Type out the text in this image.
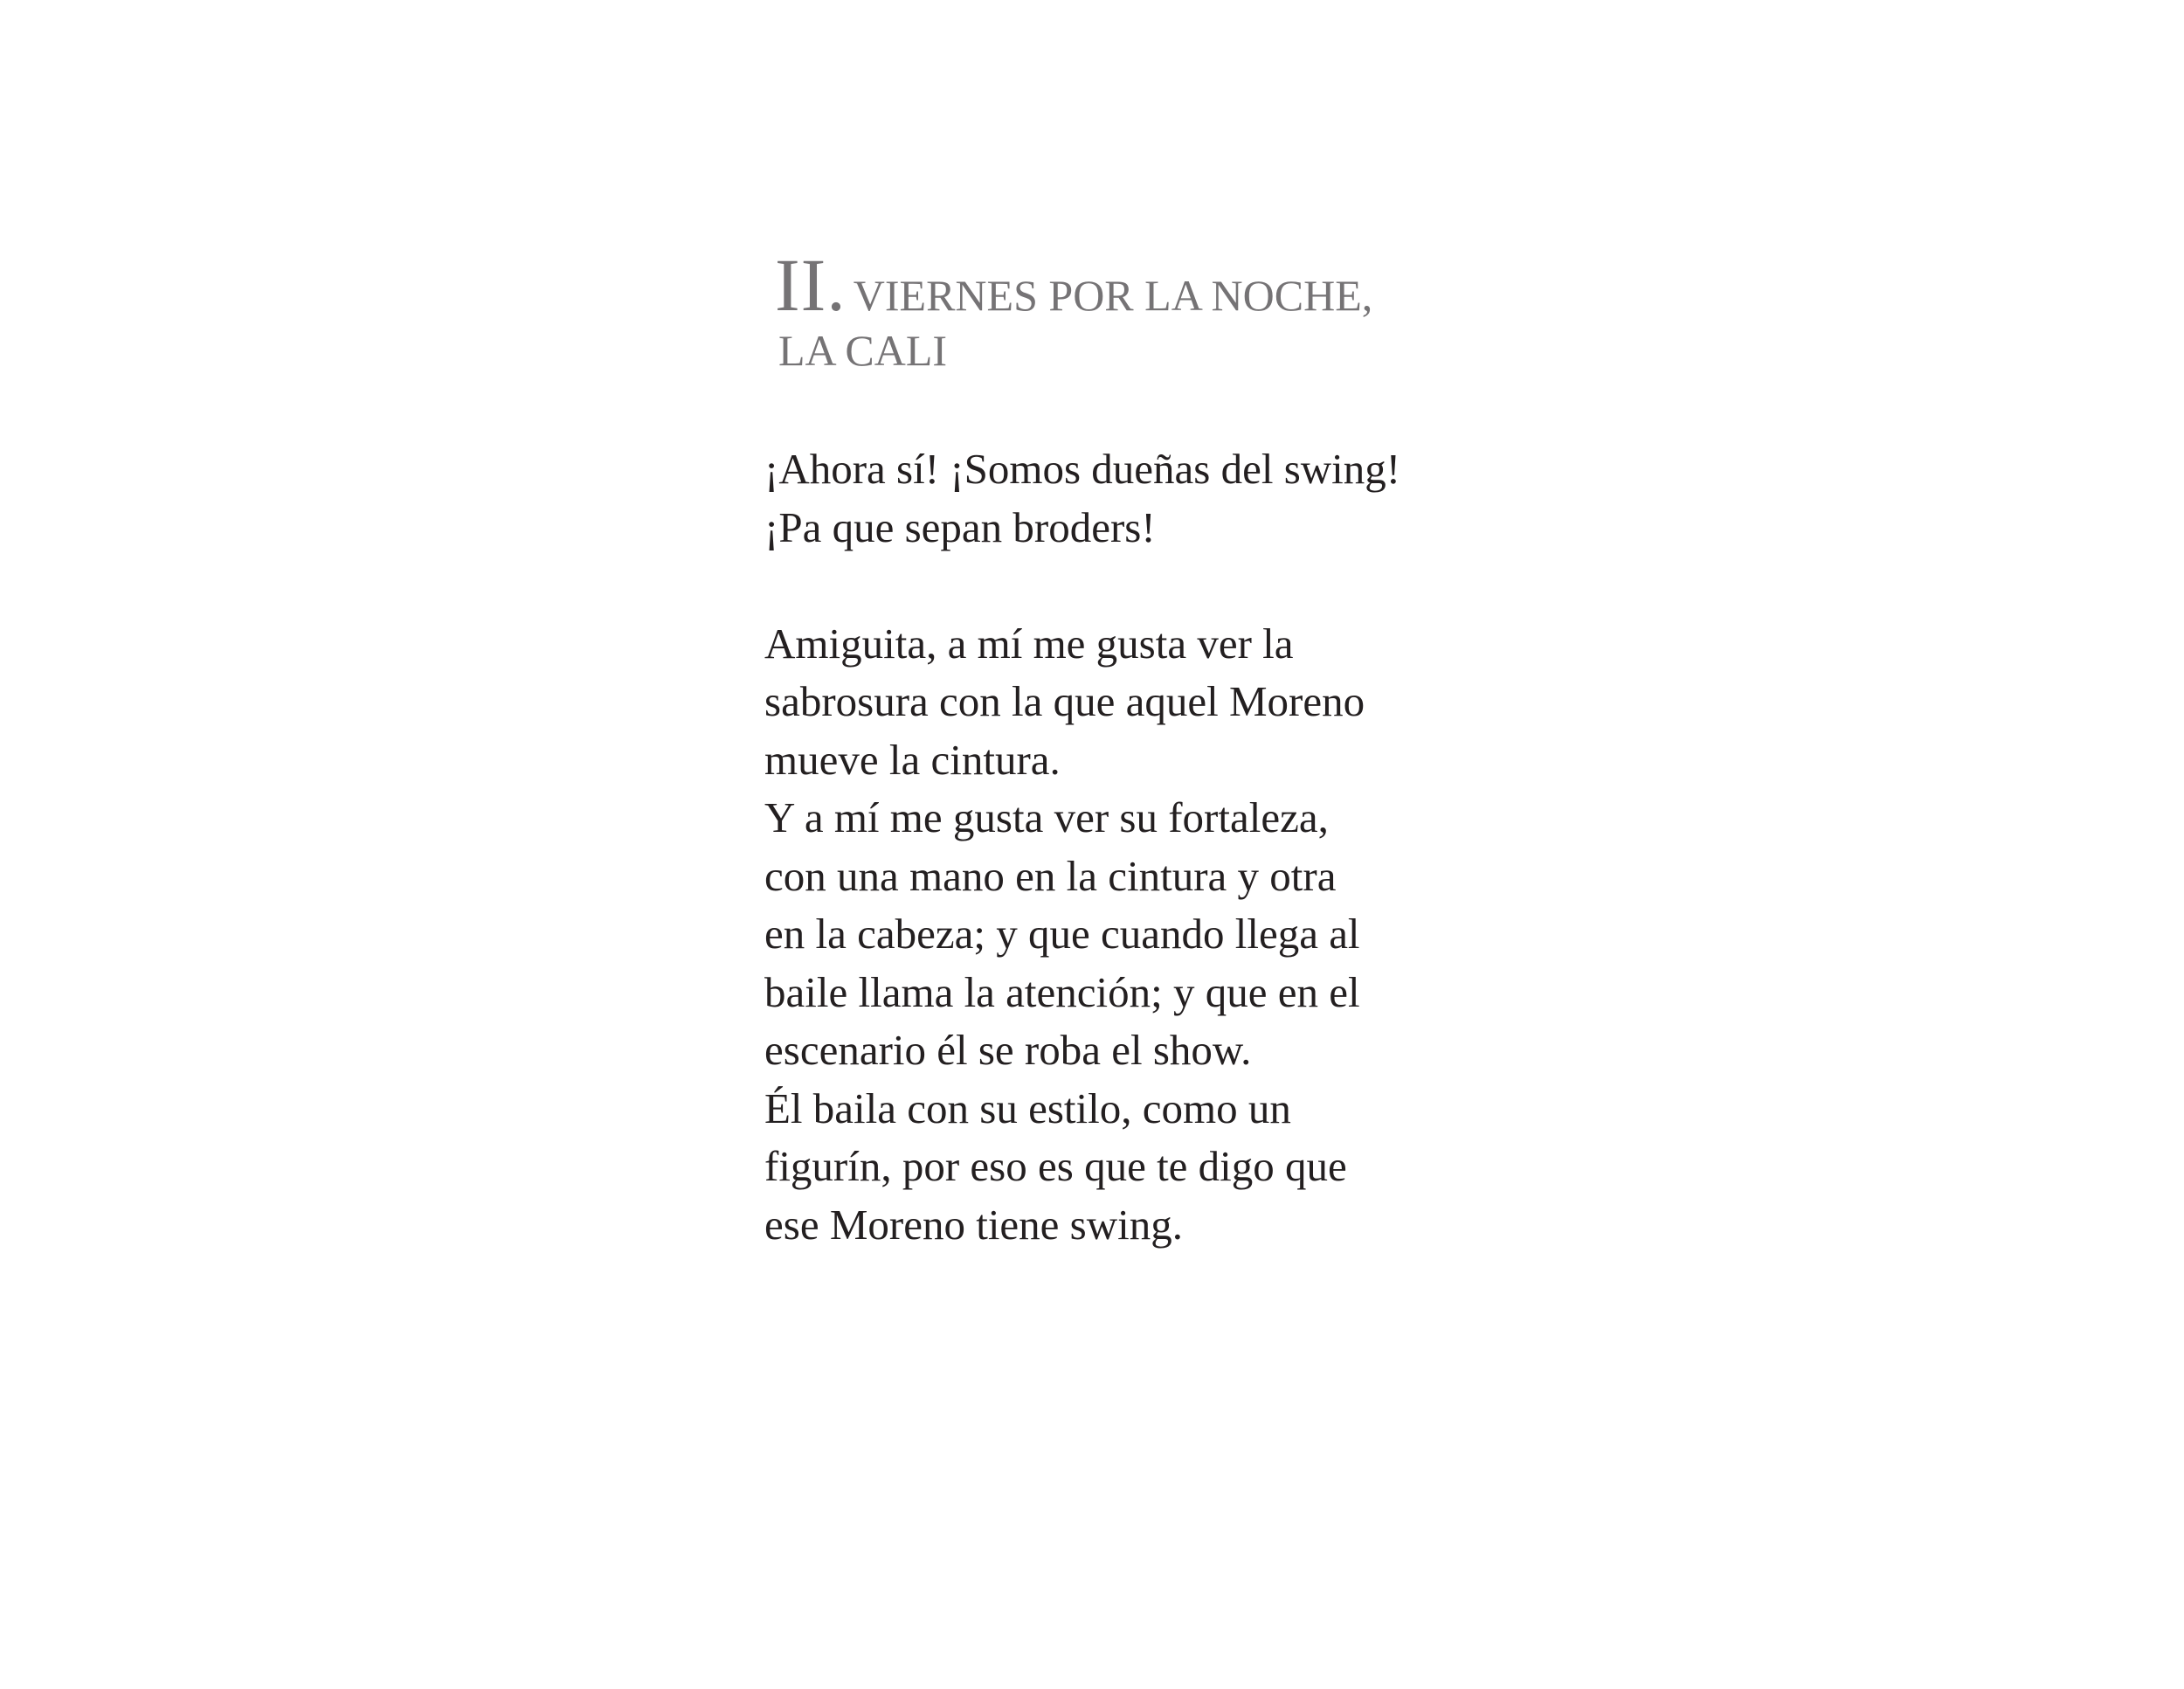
II. VIERNES POR LA NOCHE,
LA CALI
¡Ahora sí! ¡Somos dueñas del swing!
¡Pa que sepan broders!
Amiguita, a mí me gusta ver la
sabrosura con la que aquel Moreno
mueve la cintura.
Y a mí me gusta ver su fortaleza,
con una mano en la cintura y otra
en la cabeza; y que cuando llega al
baile llama la atención; y que en el
escenario él se roba el show.
Él baila con su estilo, como un
figurín, por eso es que te digo que
ese Moreno tiene swing.
